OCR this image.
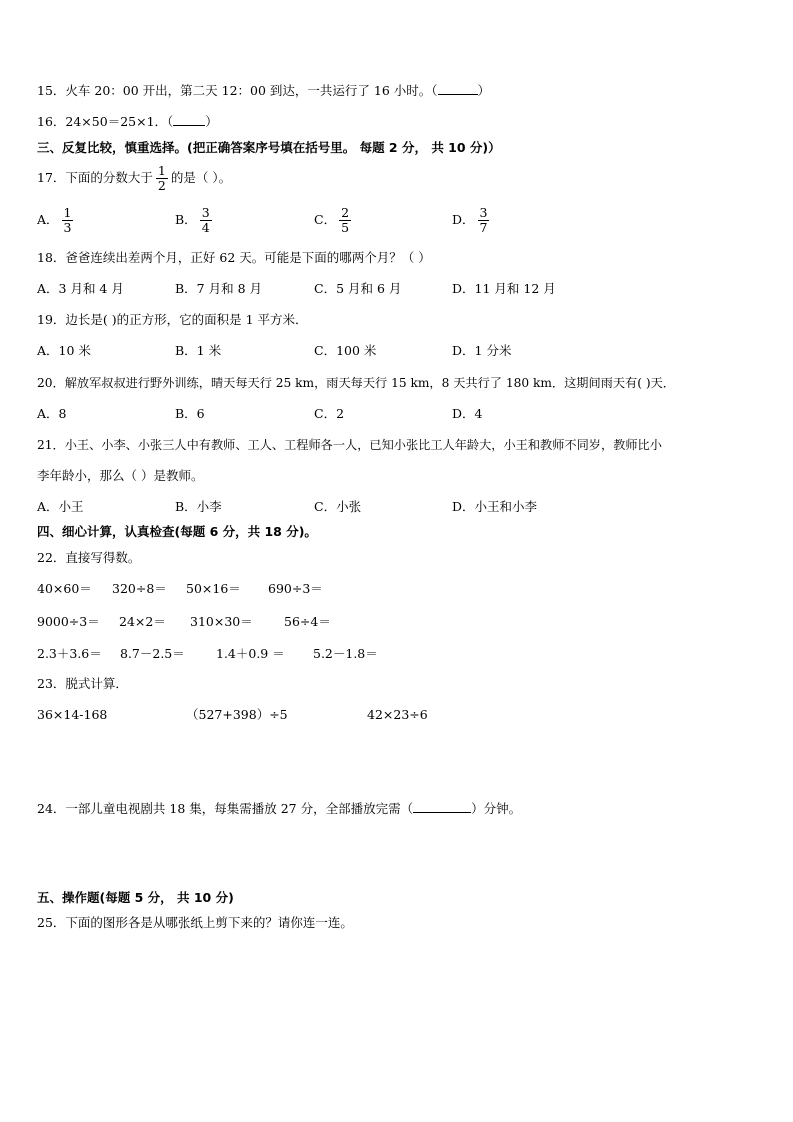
15．火车 20：00 开出，第二天 12：00 到达，一共运行了 16 小时。（	）
16．24×50＝25×1．（	）
三、反复比较，慎重选择。(把正确答案序号填在括号里。 每题 2 分， 共 10 分)）
17．下面的分数大于 $\frac{1}{2}$ 的是（ ）。
A． $\frac{1}{3}$	B． $\frac{3}{4}$	C． $\frac{2}{5}$	D． $\frac{3}{7}$
18．爸爸连续出差两个月，正好 62 天。可能是下面的哪两个月？（ ）
A．3 月和 4 月	B．7 月和 8 月	C．5 月和 6 月	D．11 月和 12 月
19．边长是( )的正方形，它的面积是 1 平方米．
A．10 米	B．1 米	C．100 米	D．1 分米
20．解放军叔叔进行野外训练，晴天每天行 25 km，雨天每天行 15 km，8 天共行了 180 km．这期间雨天有( )天．
A．8	B．6	C．2	D．4
21．小王、小李、小张三人中有教师、工人、工程师各一人，已知小张比工人年龄大，小王和教师不同岁，教师比小
李年龄小，那么（ ）是教师。
A．小王	B．小李	C．小张	D．小王和小李
四、细心计算，认真检查(每题 6 分，共 18 分)。
22．直接写得数。
40×60＝ 320÷8＝ 50×16＝ 690÷3＝
9000÷3＝ 24×2＝ 310×30＝	56÷4＝
2.3＋3.6＝ 8.7－2.5＝ 1.4＋0.9 ＝ 5.2－1.8＝
23．脱式计算．
36×14-168	（527+398）÷5	42×23÷6
24．一部儿童电视剧共 18 集，每集需播放 27 分，全部播放完需（	）分钟。
五、操作题(每题 5 分， 共 10 分)
25．下面的图形各是从哪张纸上剪下来的？请你连一连。
